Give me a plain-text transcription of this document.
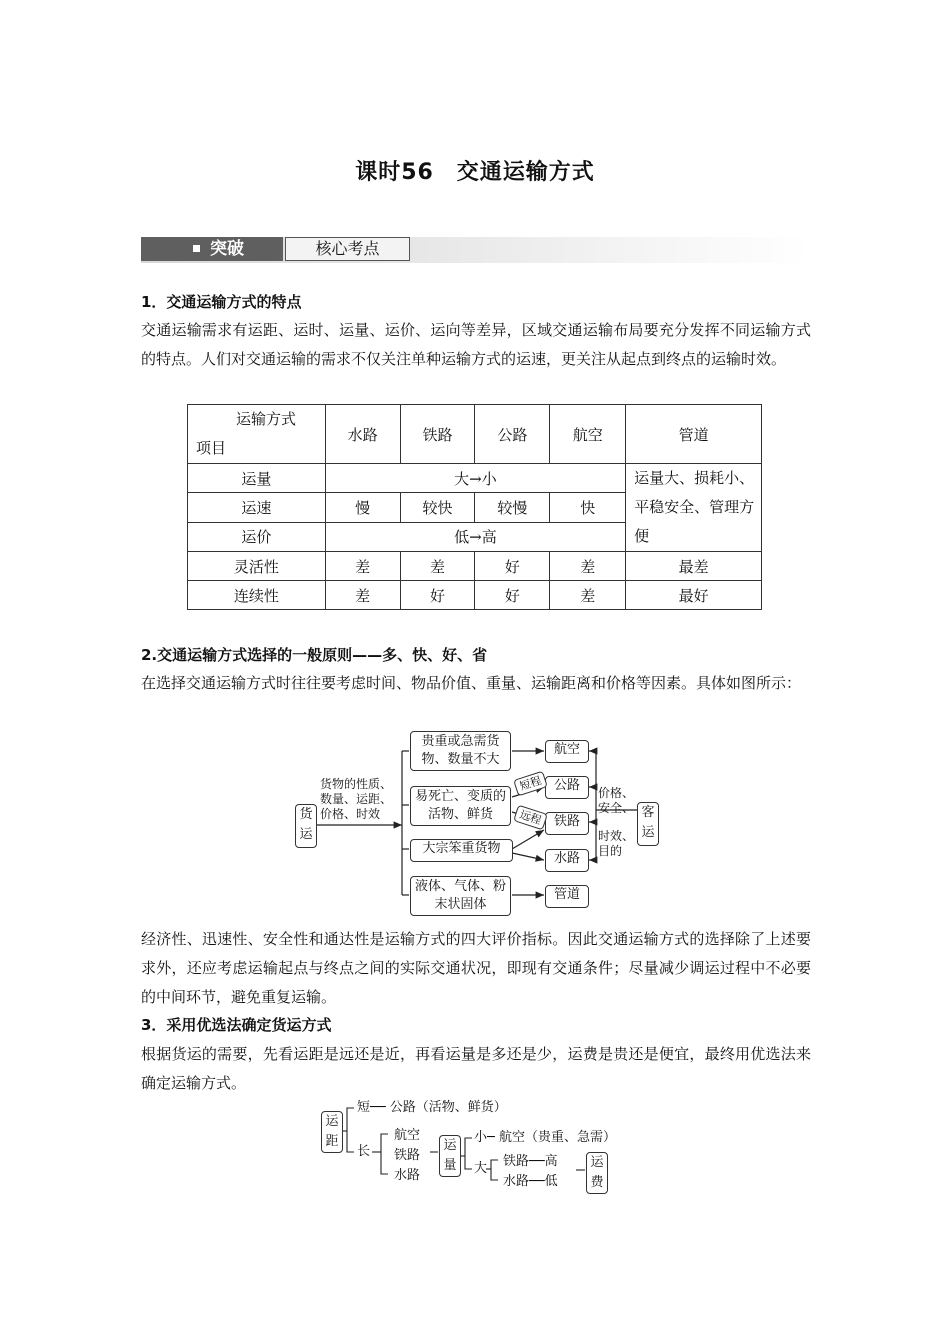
课时56　交通运输方式
突破	核心考点
1．交通运输方式的特点
交通运输需求有运距、运时、运量、运价、运向等差异，区域交通运输布局要充分发挥不同运输方式的特点。人们对交通运输的需求不仅关注单种运输方式的运速，更关注从起点到终点的运输时效。
运输方式
项目	水路	铁路	公路	航空	管道
运量	大→小				运量大、损耗小、平稳安全、管理方便
运速	慢	较快	较慢	快	
运价	低→高				
灵活性	差	差	好	差	最差
连续性	差	好	好	差	最好
2.交通运输方式选择的一般原则——多、快、好、省
在选择交通运输方式时往往要考虑时间、物品价值、重量、运输距离和价格等因素。具体如图所示：
货运
货物的性质、
数量、运距、
价格、时效
贵重或急需货物、数量不大
易死亡、变质的活物、鲜货
大宗笨重货物
液体、气体、粉末状固体
航空
公路
铁路
水路
管道
短程
远程
价格、
安全、
时效、
目的
客运
经济性、迅速性、安全性和通达性是运输方式的四大评价指标。因此交通运输方式的选择除了上述要求外，还应考虑运输起点与终点之间的实际交通状况，即现有交通条件；尽量减少调运过程中不必要的中间环节，避免重复运输。
3．采用优选法确定货运方式
根据货运的需要，先看运距是远还是近，再看运量是多还是少，运费是贵还是便宜，最终用优选法来确定运输方式。
运距
短── 公路（活物、鲜货）
长
航空
铁路
水路
运量
小─ 航空（贵重、急需）
大 铁路──高
水路──低
运费
